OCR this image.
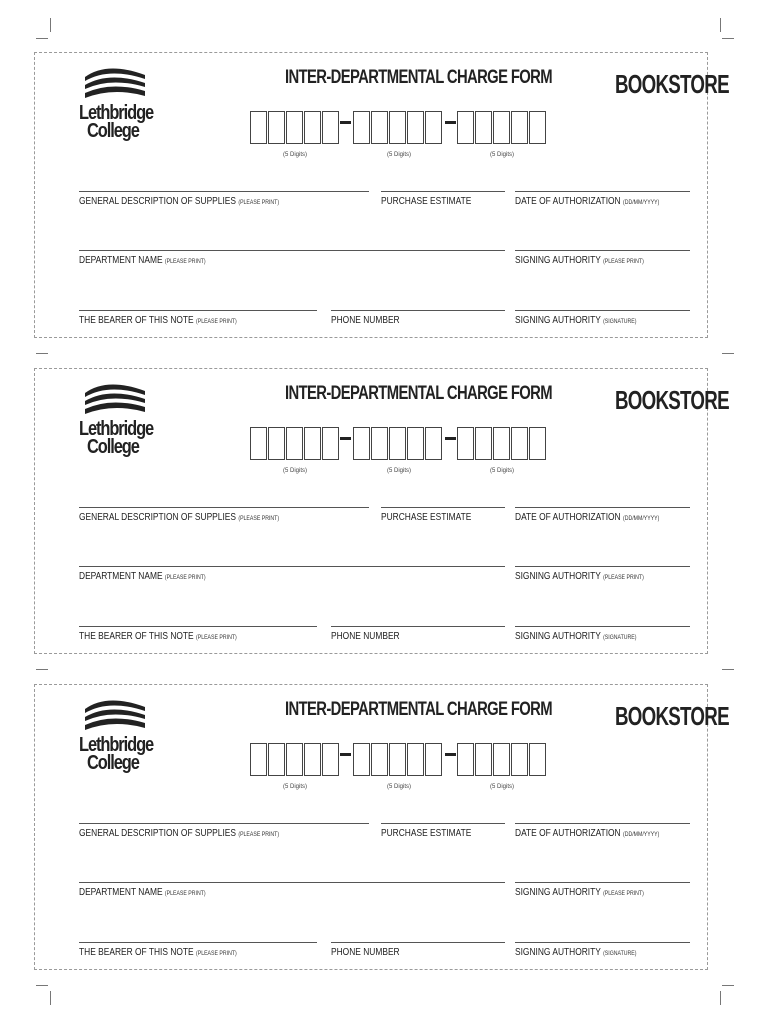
Lethbridge
College
INTER-DEPARTMENTAL CHARGE FORM BOOKSTORE
(5 Digits)	(5 Digits)	(5 Digits)
GENERAL DESCRIPTION OF SUPPLIES (PLEASE PRINT)	PURCHASE ESTIMATE	DATE OF AUTHORIZATION (DD/MM/YYYY)
DEPARTMENT NAME (PLEASE PRINT)	SIGNING AUTHORITY (PLEASE PRINT)
THE BEARER OF THIS NOTE (PLEASE PRINT)	PHONE NUMBER	SIGNING AUTHORITY (SIGNATURE)
Lethbridge
College
INTER-DEPARTMENTAL CHARGE FORM BOOKSTORE
(5 Digits)	(5 Digits)	(5 Digits)
GENERAL DESCRIPTION OF SUPPLIES (PLEASE PRINT)	PURCHASE ESTIMATE	DATE OF AUTHORIZATION (DD/MM/YYYY)
DEPARTMENT NAME (PLEASE PRINT)	SIGNING AUTHORITY (PLEASE PRINT)
THE BEARER OF THIS NOTE (PLEASE PRINT)	PHONE NUMBER	SIGNING AUTHORITY (SIGNATURE)
Lethbridge
College
INTER-DEPARTMENTAL CHARGE FORM BOOKSTORE
(5 Digits)	(5 Digits)	(5 Digits)
GENERAL DESCRIPTION OF SUPPLIES (PLEASE PRINT)	PURCHASE ESTIMATE	DATE OF AUTHORIZATION (DD/MM/YYYY)
DEPARTMENT NAME (PLEASE PRINT)	SIGNING AUTHORITY (PLEASE PRINT)
THE BEARER OF THIS NOTE (PLEASE PRINT)	PHONE NUMBER	SIGNING AUTHORITY (SIGNATURE)
